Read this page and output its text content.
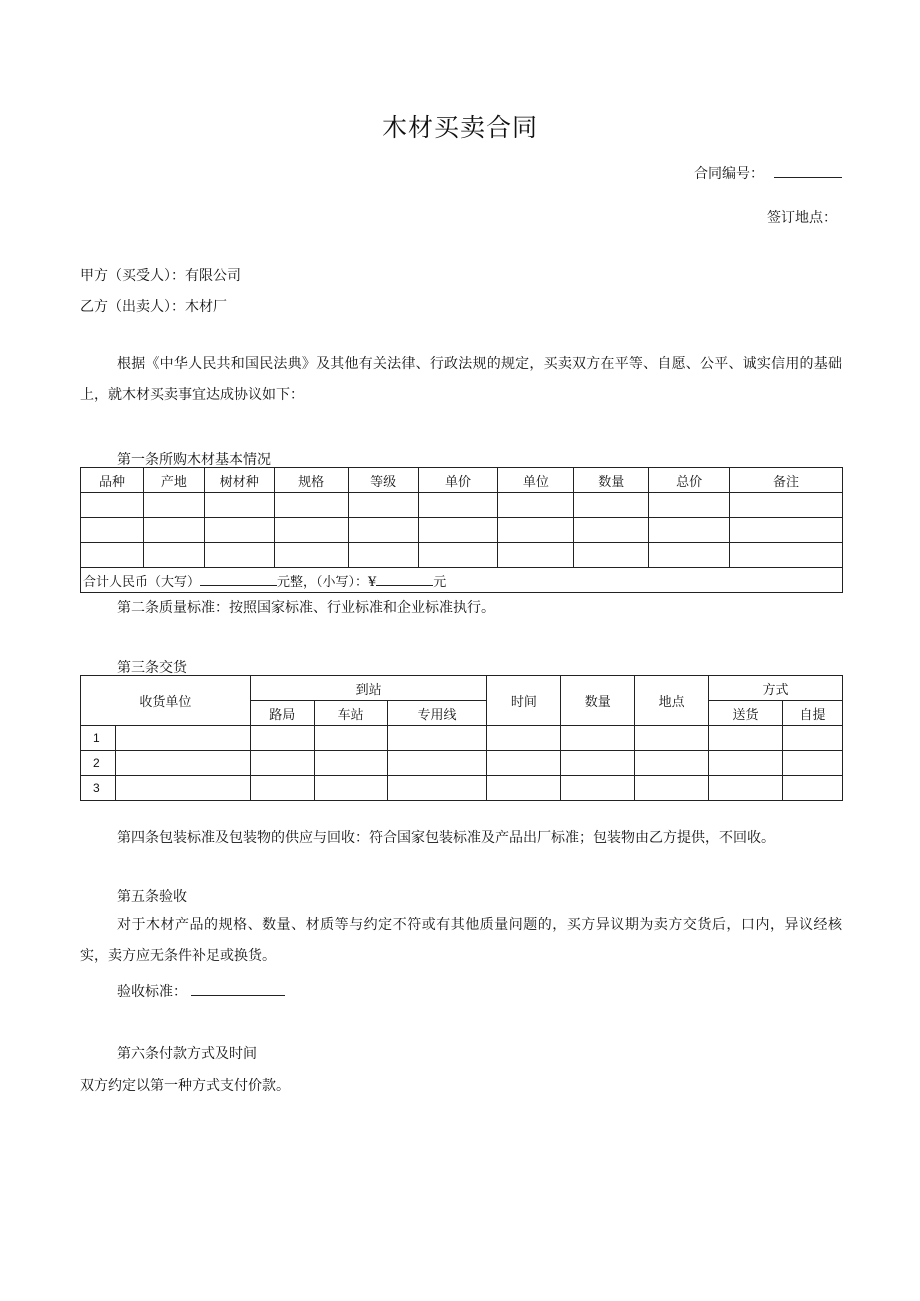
木材买卖合同
合同编号：
签订地点：
甲方（买受人）：有限公司
乙方（出卖人）：木材厂
根据《中华人民共和国民法典》及其他有关法律、行政法规的规定，买卖双方在平等、自愿、公平、诚实信用的基础上，就木材买卖事宜达成协议如下：
第一条所购木材基本情况
品种	产地	树材种	规格	等级	单价	单位	数量	总价	备注

合计人民币（大写） 元整，（小写）：¥ 元									
第二条质量标准：按照国家标准、行业标准和企业标准执行。
第三条交货
收货单位		到站			时间	数量	地点	方式	
		路局	车站	专用线				送货	自提
1									
2									
3									
第四条包装标准及包装物的供应与回收：符合国家包装标准及产品出厂标准；包装物由乙方提供，不回收。
第五条验收
对于木材产品的规格、数量、材质等与约定不符或有其他质量问题的，买方异议期为卖方交货后，口内，异议经核实，卖方应无条件补足或换货。
验收标准：
第六条付款方式及时间
双方约定以第一种方式支付价款。
